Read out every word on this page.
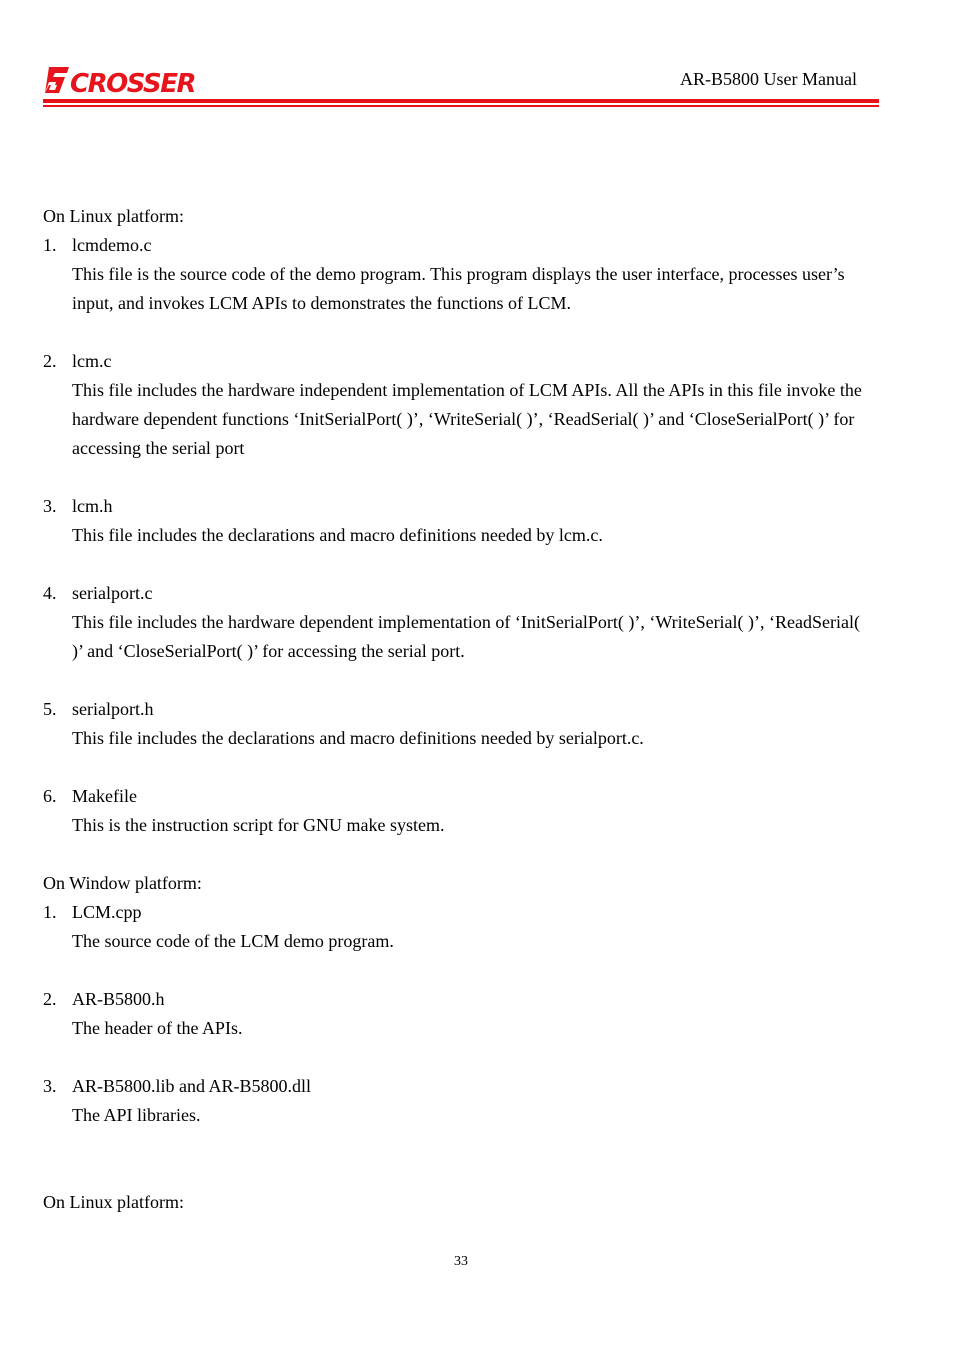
CROSSER	AR-B5800 User Manual

On Linux platform:

1. lcmdemo.c
This file is the source code of the demo program. This program displays the user interface, processes user’s input, and invokes LCM APIs to demonstrates the functions of LCM.
2. lcm.c
This file includes the hardware independent implementation of LCM APIs. All the APIs in this file invoke the hardware dependent functions ‘InitSerialPort( )’, ‘WriteSerial( )’, ‘ReadSerial( )’ and ‘CloseSerialPort( )’ for accessing the serial port
3. lcm.h
This file includes the declarations and macro definitions needed by lcm.c.
4. serialport.c
This file includes the hardware dependent implementation of ‘InitSerialPort( )’, ‘WriteSerial( )’, ‘ReadSerial( )’ and ‘CloseSerialPort( )’ for accessing the serial port.
5. serialport.h
This file includes the declarations and macro definitions needed by serialport.c.
6. Makefile
This is the instruction script for GNU make system.

On Window platform:

1. LCM.cpp
The source code of the LCM demo program.
2. AR-B5800.h
The header of the APIs.
3. AR-B5800.lib and AR-B5800.dll
The API libraries.

On Linux platform:

33
